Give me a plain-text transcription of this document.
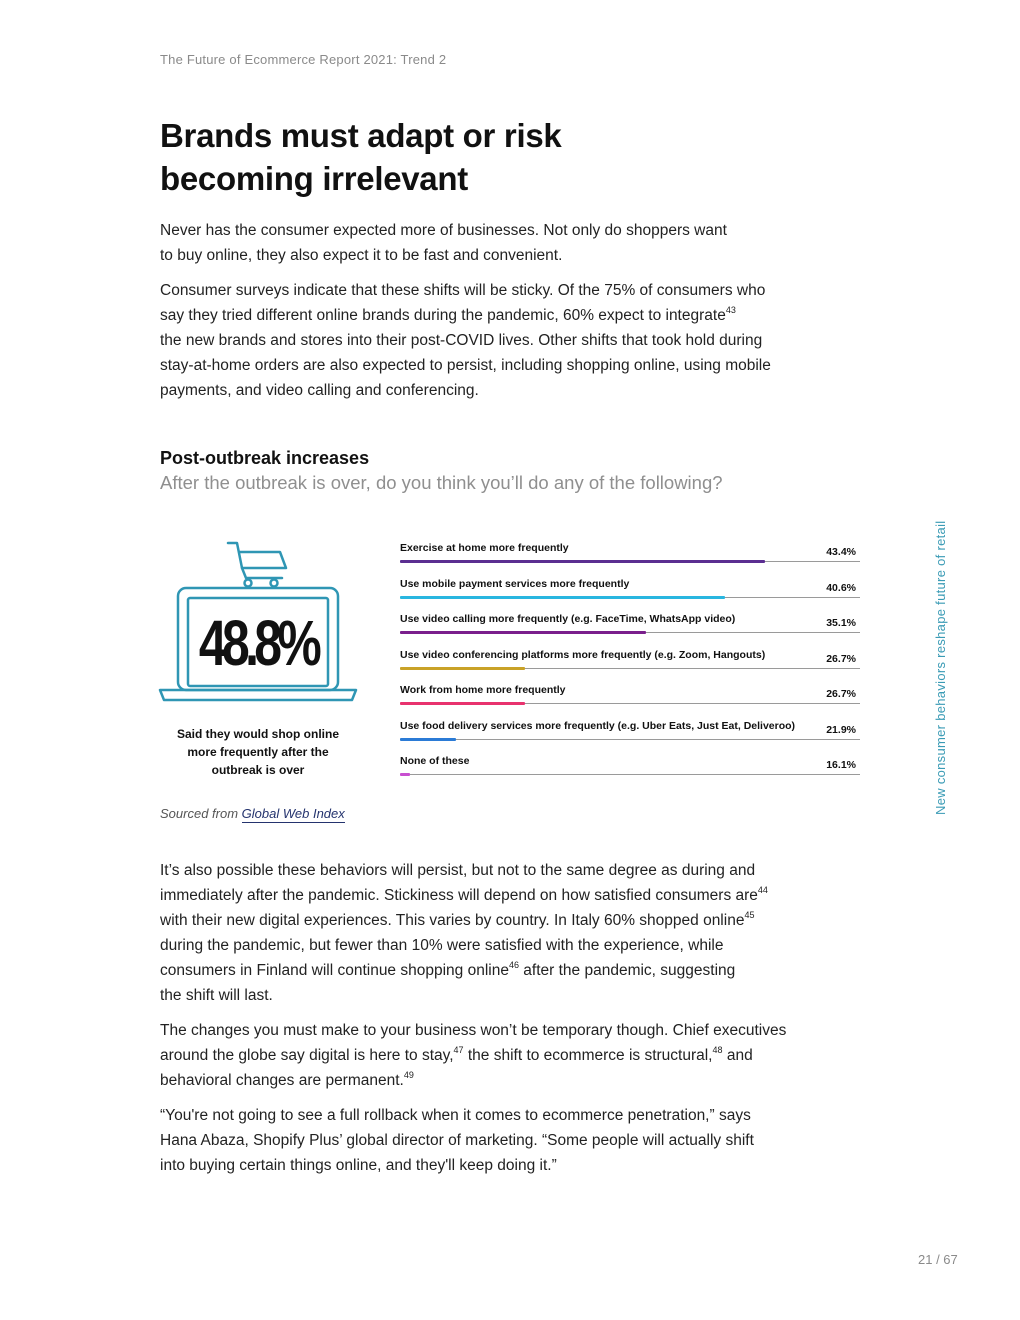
The Future of Ecommerce Report 2021: Trend 2
Brands must adapt or risk
becoming irrelevant

Never has the consumer expected more of businesses. Not only do shoppers want
to buy online, they also expect it to be fast and convenient.

Consumer surveys indicate that these shifts will be sticky. Of the 75% of consumers who
say they tried different online brands during the pandemic, 60% expect to integrate$^{43}$
the new brands and stores into their post-COVID lives. Other shifts that took hold during
stay-at-home orders are also expected to persist, including shopping online, using mobile
payments, and video calling and conferencing.

Post-outbreak increases
After the outbreak is over, do you think you’ll do any of the following?
48.8%
Said they would shop online
more frequently after the
outbreak is over
Exercise at home more frequently	43.4%
Use mobile payment services more frequently	40.6%
Use video calling more frequently (e.g. FaceTime, WhatsApp video)	35.1%
Use video conferencing platforms more frequently (e.g. Zoom, Hangouts)	26.7%
Work from home more frequently	26.7%
Use food delivery services more frequently (e.g. Uber Eats, Just Eat, Deliveroo)	21.9%
None of these	16.1%
Sourced from Global Web Index

It’s also possible these behaviors will persist, but not to the same degree as during and
immediately after the pandemic. Stickiness will depend on how satisfied consumers are$^{44}$
with their new digital experiences. This varies by country. In Italy 60% shopped online$^{45}$
during the pandemic, but fewer than 10% were satisfied with the experience, while
consumers in Finland will continue shopping online$^{46}$ after the pandemic, suggesting
the shift will last.

The changes you must make to your business won’t be temporary though. Chief executives
around the globe say digital is here to stay,$^{47}$ the shift to ecommerce is structural,$^{48}$ and
behavioral changes are permanent.$^{49}$

“You're not going to see a full rollback when it comes to ecommerce penetration,” says
Hana Abaza, Shopify Plus’ global director of marketing. “Some people will actually shift
into buying certain things online, and they'll keep doing it.”

New consumer behaviors reshape future of retail
21 / 67
